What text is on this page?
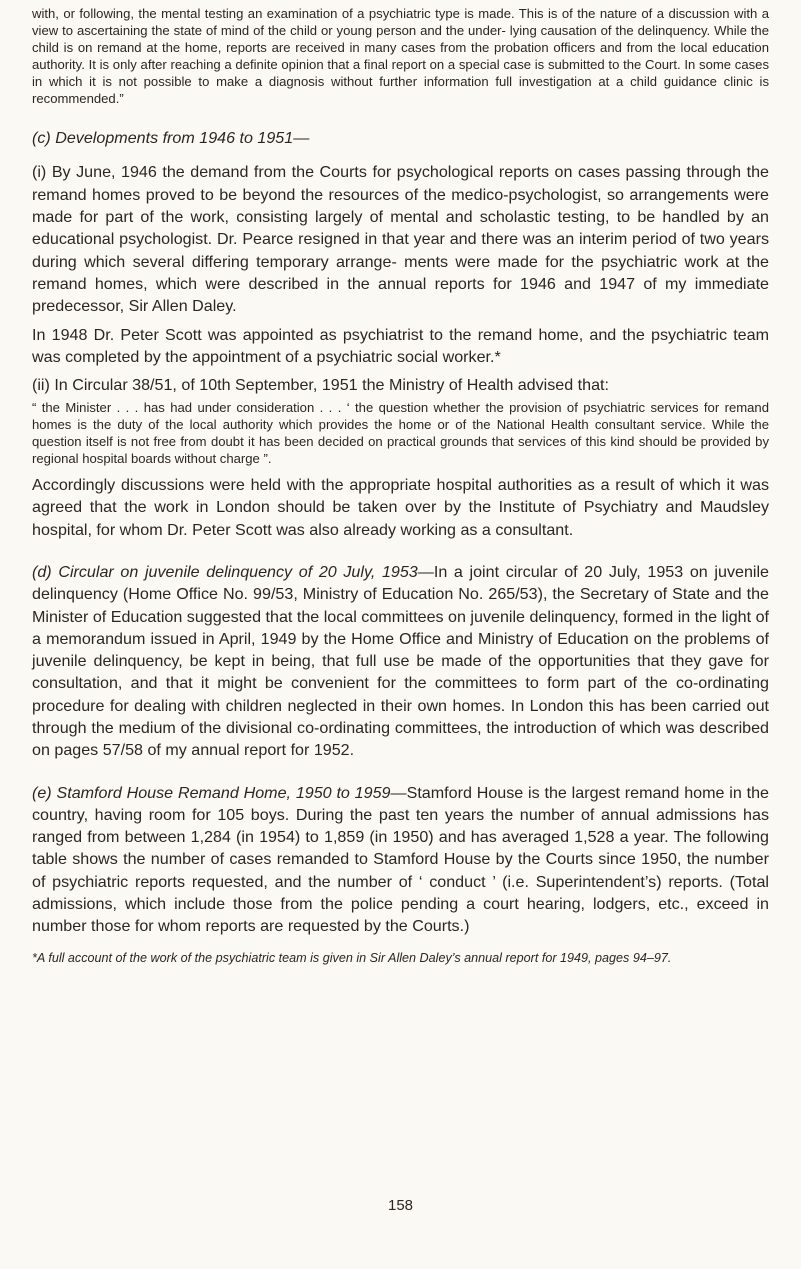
with, or following, the mental testing an examination of a psychiatric type is made. This is of the nature of a discussion with a view to ascertaining the state of mind of the child or young person and the under- lying causation of the delinquency. While the child is on remand at the home, reports are received in many cases from the probation officers and from the local education authority. It is only after reaching a definite opinion that a final report on a special case is submitted to the Court. In some cases in which it is not possible to make a diagnosis without further information full investigation at a child guidance clinic is recommended.”

(c) Developments from 1946 to 1951—

(i) By June, 1946 the demand from the Courts for psychological reports on cases passing through the remand homes proved to be beyond the resources of the medico-psychologist, so arrangements were made for part of the work, consisting largely of mental and scholastic testing, to be handled by an educational psychologist. Dr. Pearce resigned in that year and there was an interim period of two years during which several differing temporary arrange- ments were made for the psychiatric work at the remand homes, which were described in the annual reports for 1946 and 1947 of my immediate predecessor, Sir Allen Daley.

In 1948 Dr. Peter Scott was appointed as psychiatrist to the remand home, and the psychiatric team was completed by the appointment of a psychiatric social worker.*

(ii) In Circular 38/51, of 10th September, 1951 the Ministry of Health advised that:

“ the Minister . . . has had under consideration . . . ‘ the question whether the provision of psychiatric services for remand homes is the duty of the local authority which provides the home or of the National Health consultant service. While the question itself is not free from doubt it has been decided on practical grounds that services of this kind should be provided by regional hospital boards without charge ”.

Accordingly discussions were held with the appropriate hospital authorities as a result of which it was agreed that the work in London should be taken over by the Institute of Psychiatry and Maudsley hospital, for whom Dr. Peter Scott was also already working as a consultant.

(d) Circular on juvenile delinquency of 20 July, 1953—In a joint circular of 20 July, 1953 on juvenile delinquency (Home Office No. 99/53, Ministry of Education No. 265/53), the Secretary of State and the Minister of Education suggested that the local committees on juvenile delinquency, formed in the light of a memorandum issued in April, 1949 by the Home Office and Ministry of Education on the problems of juvenile delinquency, be kept in being, that full use be made of the opportunities that they gave for consultation, and that it might be convenient for the committees to form part of the co-ordinating procedure for dealing with children neglected in their own homes. In London this has been carried out through the medium of the divisional co-ordinating committees, the introduction of which was described on pages 57/58 of my annual report for 1952.

(e) Stamford House Remand Home, 1950 to 1959—Stamford House is the largest remand home in the country, having room for 105 boys. During the past ten years the number of annual admissions has ranged from between 1,284 (in 1954) to 1,859 (in 1950) and has averaged 1,528 a year. The following table shows the number of cases remanded to Stamford House by the Courts since 1950, the number of psychiatric reports requested, and the number of ‘ conduct ’ (i.e. Superintendent’s) reports. (Total admissions, which include those from the police pending a court hearing, lodgers, etc., exceed in number those for whom reports are requested by the Courts.)

*A full account of the work of the psychiatric team is given in Sir Allen Daley’s annual report for 1949, pages 94–97.

158
